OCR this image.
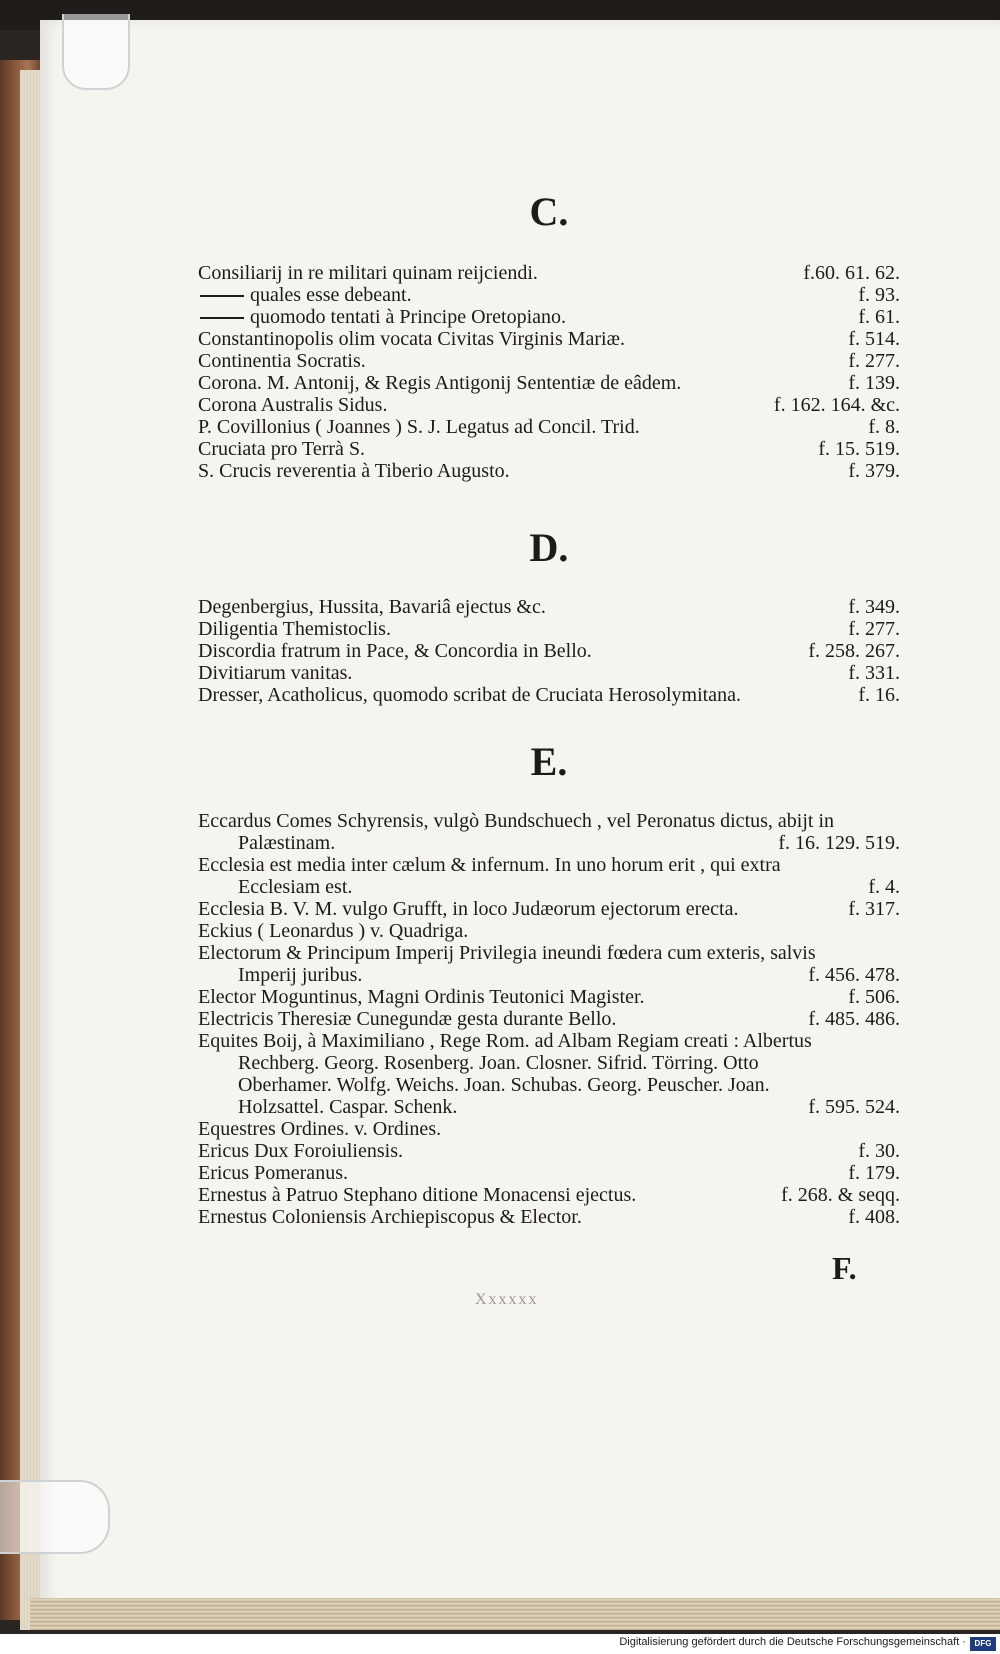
C.
Consiliarij in re militari quinam reijciendi.	f.60. 61. 62.
quales esse debeant.	f. 93.
quomodo tentati à Principe Oretopiano.	f. 61.
Constantinopolis olim vocata Civitas Virginis Mariæ.	f. 514.
Continentia Socratis.	f. 277.
Corona. M. Antonij, & Regis Antigonij Sententiæ de eâdem.	f. 139.
Corona Australis Sidus.	f. 162. 164. &c.
P. Covillonius ( Joannes ) S. J. Legatus ad Concil. Trid.	f. 8.
Cruciata pro Terrà S.	f. 15. 519.
S. Crucis reverentia à Tiberio Augusto.	f. 379.
D.
Degenbergius, Hussita, Bavariâ ejectus &c.	f. 349.
Diligentia Themistoclis.	f. 277.
Discordia fratrum in Pace, & Concordia in Bello.	f. 258. 267.
Divitiarum vanitas.	f. 331.
Dresser, Acatholicus, quomodo scribat de Cruciata Herosolymitana.	f. 16.
E.
Eccardus Comes Schyrensis, vulgò Bundschuech , vel Peronatus dictus, abijt in
Palæstinam.	f. 16. 129. 519.
Ecclesia est media inter cælum & infernum. In uno horum erit , qui extra
Ecclesiam est.	f. 4.
Ecclesia B. V. M. vulgo Grufft, in loco Judæorum ejectorum erecta.	f. 317.
Eckius ( Leonardus ) v. Quadriga.
Electorum & Principum Imperij Privilegia ineundi fœdera cum exteris, salvis
Imperij juribus.	f. 456. 478.
Elector Moguntinus, Magni Ordinis Teutonici Magister.	f. 506.
Electricis Theresiæ Cunegundæ gesta durante Bello.	f. 485. 486.
Equites Boij, à Maximiliano , Rege Rom. ad Albam Regiam creati : Albertus
Rechberg. Georg. Rosenberg. Joan. Closner. Sifrid. Törring. Otto
Oberhamer. Wolfg. Weichs. Joan. Schubas. Georg. Peuscher. Joan.
Holzsattel. Caspar. Schenk.	f. 595. 524.
Equestres Ordines. v. Ordines.
Ericus Dux Foroiuliensis.	f. 30.
Ericus Pomeranus.	f. 179.
Ernestus à Patruo Stephano ditione Monacensi ejectus.	f. 268. & seqq.
Ernestus Coloniensis Archiepiscopus & Elector.	f. 408.
F.
Xxxxxx
Digitalisierung gefördert durch die Deutsche Forschungsgemeinschaft ·	DFG
